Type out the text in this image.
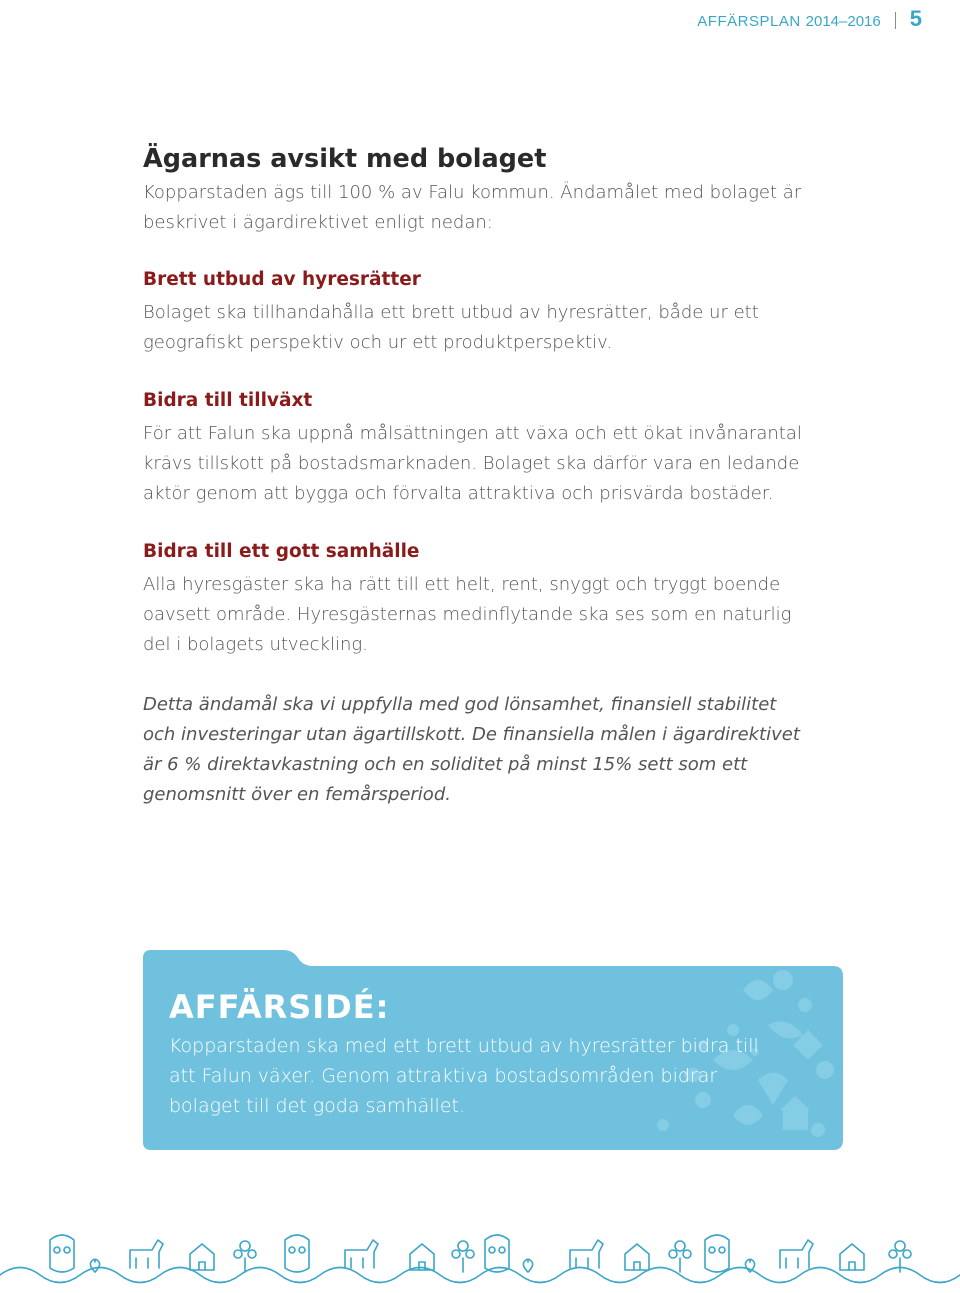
AFFÄRSPLAN 2014–2016 5
Ägarnas avsikt med bolaget

Kopparstaden ägs till 100 % av Falu kommun. Ändamålet med bolaget är beskrivet i ägardirektivet enligt nedan:

Brett utbud av hyresrätter

Bolaget ska tillhandahålla ett brett utbud av hyresrätter, både ur ett geografiskt perspektiv och ur ett produktperspektiv.

Bidra till tillväxt

För att Falun ska uppnå målsättningen att växa och ett ökat invånarantal krävs tillskott på bostadsmarknaden. Bolaget ska därför vara en ledande aktör genom att bygga och förvalta attraktiva och prisvärda bostäder.

Bidra till ett gott samhälle

Alla hyresgäster ska ha rätt till ett helt, rent, snyggt och tryggt boende oavsett område. Hyresgästernas medinflytande ska ses som en naturlig del i bolagets utveckling.

Detta ändamål ska vi uppfylla med god lönsamhet, finansiell stabilitet och investeringar utan ägartillskott. De finansiella målen i ägardirektivet är 6 % direktavkastning och en soliditet på minst 15% sett som ett genomsnitt över en femårsperiod.

AFFÄRSIDÉ:

Kopparstaden ska med ett brett utbud av hyresrätter bidra till att Falun växer. Genom attraktiva bostadsområden bidrar bolaget till det goda samhället.
